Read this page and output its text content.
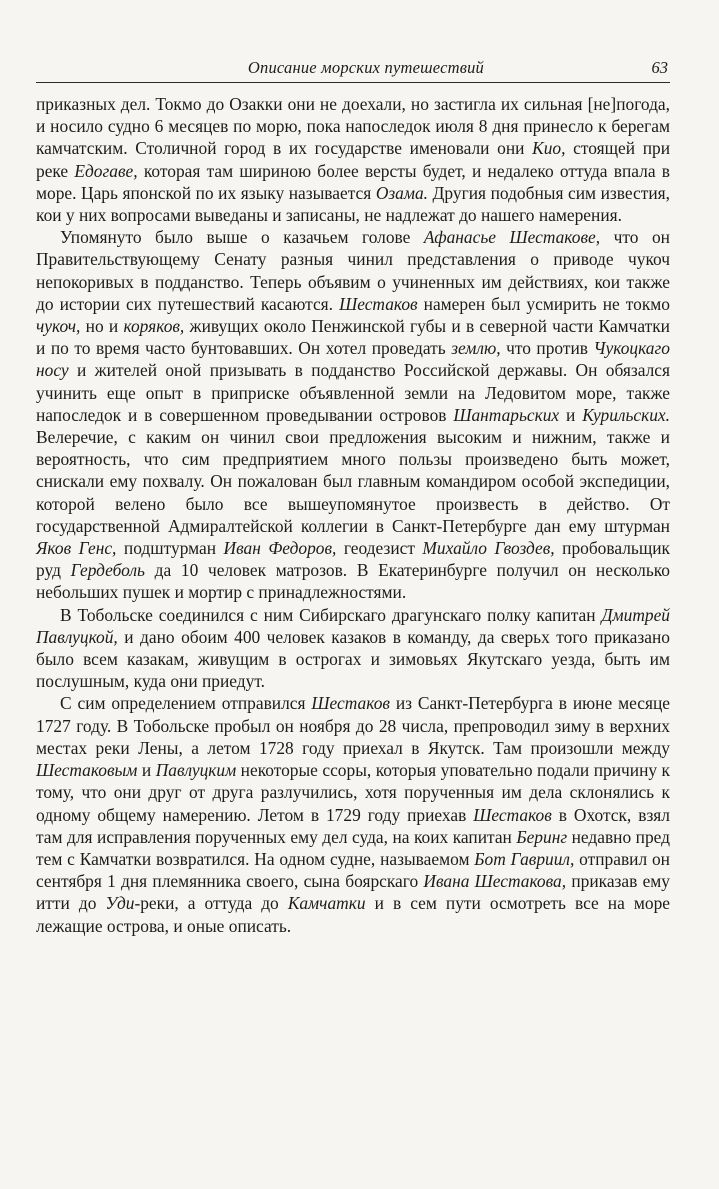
Описание морских путешествий	63

приказных дел. Токмо до Озакки они не доехали, но застигла их сильная [не]погода, и носило судно 6 месяцев по морю, пока напоследок июля 8 дня принесло к берегам камчатским. Столичной город в их государстве именовали они Кио, стоящей при реке Едогаве, которая там шириною более версты будет, и недалеко оттуда впала в море. Царь японской по их языку называется Озама. Другия подобныя сим известия, кои у них вопросами выведаны и записаны, не надлежат до нашего намерения.

Упомянуто было выше о казачьем голове Афанасье Шестакове, что он Правительствующему Сенату разныя чинил представления о приводе чукоч непокоривых в подданство. Теперь объявим о учиненных им действиях, кои также до истории сих путешествий касаются. Шестаков намерен был усмирить не токмо чукоч, но и коряков, живущих около Пенжинской губы и в северной части Камчатки и по то время часто бунтовавших. Он хотел проведать землю, что против Чукоцкаго носу и жителей оной призывать в подданство Российской державы. Он обязался учинить еще опыт в приприске объявленной земли на Ледовитом море, также напоследок и в совершенном проведывании островов Шантарьских и Курильских. Велеречие, с каким он чинил свои предложения высоким и нижним, также и вероятность, что сим предприятием много пользы произведено быть может, снискали ему похвалу. Он пожалован был главным командиром особой экспедиции, которой велено было все вышеупомянутое произвесть в действо. От государственной Адмиралтейской коллегии в Санкт-Петербурге дан ему штурман Яков Генс, подштурман Иван Федоров, геодезист Михайло Гвоздев, пробовальщик руд Гердеболь да 10 человек матрозов. В Екатеринбурге получил он несколько небольших пушек и мортир с принадлежностями.

В Тобольске соединился с ним Сибирскаго драгунскаго полку капитан Дмитрей Павлуцкой, и дано обоим 400 человек казаков в команду, да сверьх того приказано было всем казакам, живущим в острогах и зимовьях Якутскаго уезда, быть им послушным, куда они приедут.

С сим определением отправился Шестаков из Санкт-Петербурга в июне месяце 1727 году. В Тобольске пробыл он ноября до 28 числа, препроводил зиму в верхних местах реки Лены, а летом 1728 году приехал в Якутск. Там произошли между Шестаковым и Павлуцким некоторые ссоры, которыя уповательно подали причину к тому, что они друг от друга разлучились, хотя порученныя им дела склонялись к одному общему намерению. Летом в 1729 году приехав Шестаков в Охотск, взял там для исправления порученных ему дел суда, на коих капитан Беринг недавно пред тем с Камчатки возвратился. На одном судне, называемом Бот Гавриил, отправил он сентября 1 дня племянника своего, сына боярскаго Ивана Шестакова, приказав ему итти до Уди-реки, а оттуда до Камчатки и в сем пути осмотреть все на море лежащие острова, и оные описать.
